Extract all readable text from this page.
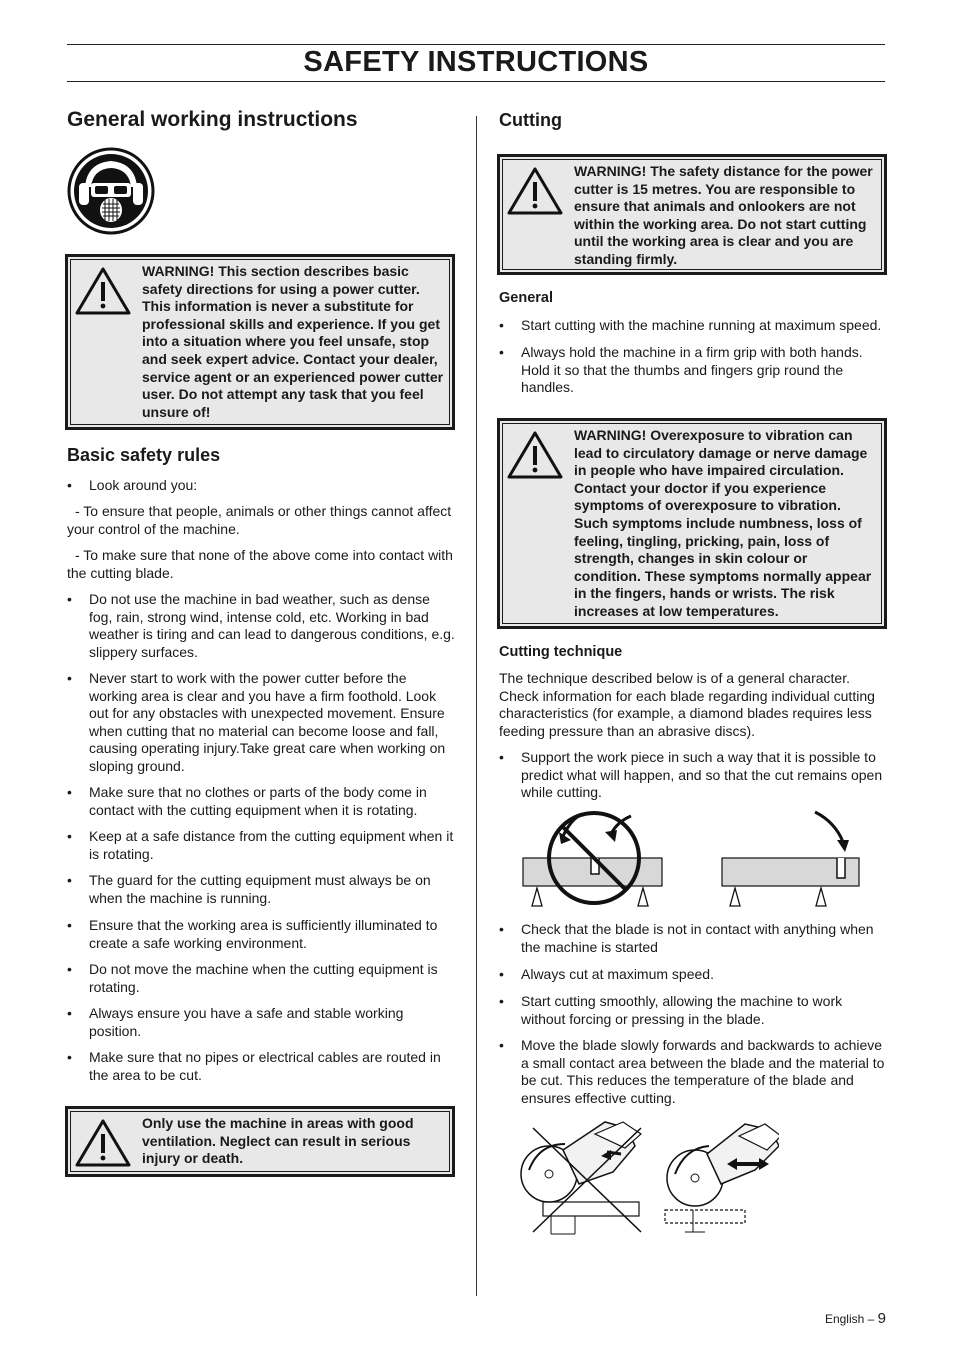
SAFETY INSTRUCTIONS
General working instructions
WARNING! This section describes basic safety directions for using a power cutter. This information is never a substitute for professional skills and experience. If you get into a situation where you feel unsafe, stop and seek expert advice. Contact your dealer, service agent or an experienced power cutter user. Do not attempt any task that you feel unsure of!
Basic safety rules
•	Look around you:
- To ensure that people, animals or other things cannot affect your control of the machine.
- To make sure that none of the above come into contact with the cutting blade.
•	Do not use the machine in bad weather, such as dense fog, rain, strong wind, intense cold, etc. Working in bad weather is tiring and can lead to dangerous conditions, e.g. slippery surfaces.
•	Never start to work with the power cutter before the working area is clear and you have a firm foothold. Look out for any obstacles with unexpected movement. Ensure when cutting that no material can become loose and fall, causing operating injury.Take great care when working on sloping ground.
•	Make sure that no clothes or parts of the body come in contact with the cutting equipment when it is rotating.
•	Keep at a safe distance from the cutting equipment when it is rotating.
•	The guard for the cutting equipment must always be on when the machine is running.
•	Ensure that the working area is sufficiently illuminated to create a safe working environment.
•	Do not move the machine when the cutting equipment is rotating.
•	Always ensure you have a safe and stable working position.
•	Make sure that no pipes or electrical cables are routed in the area to be cut.
Only use the machine in areas with good ventilation. Neglect can result in serious injury or death.
Cutting
WARNING! The safety distance for the power cutter is 15 metres. You are responsible to ensure that animals and onlookers are not within the working area. Do not start cutting until the working area is clear and you are standing firmly.
General
•	Start cutting with the machine running at maximum speed.
•	Always hold the machine in a firm grip with both hands. Hold it so that the thumbs and fingers grip round the handles.
WARNING! Overexposure to vibration can lead to circulatory damage or nerve damage in people who have impaired circulation. Contact your doctor if you experience symptoms of overexposure to vibration. Such symptoms include numbness, loss of feeling, tingling, pricking, pain, loss of strength, changes in skin colour or condition. These symptoms normally appear in the fingers, hands or wrists. The risk increases at low temperatures.
Cutting technique
The technique described below is of a general character. Check information for each blade regarding individual cutting characteristics (for example, a diamond blades requires less feeding pressure than an abrasive discs).
•	Support the work piece in such a way that it is possible to predict what will happen, and so that the cut remains open while cutting.
•	Check that the blade is not in contact with anything when the machine is started
•	Always cut at maximum speed.
•	Start cutting smoothly, allowing the machine to work without forcing or pressing in the blade.
•	Move the blade slowly forwards and backwards to achieve a small contact area between the blade and the material to be cut. This reduces the temperature of the blade and ensures effective cutting.
English – 9
